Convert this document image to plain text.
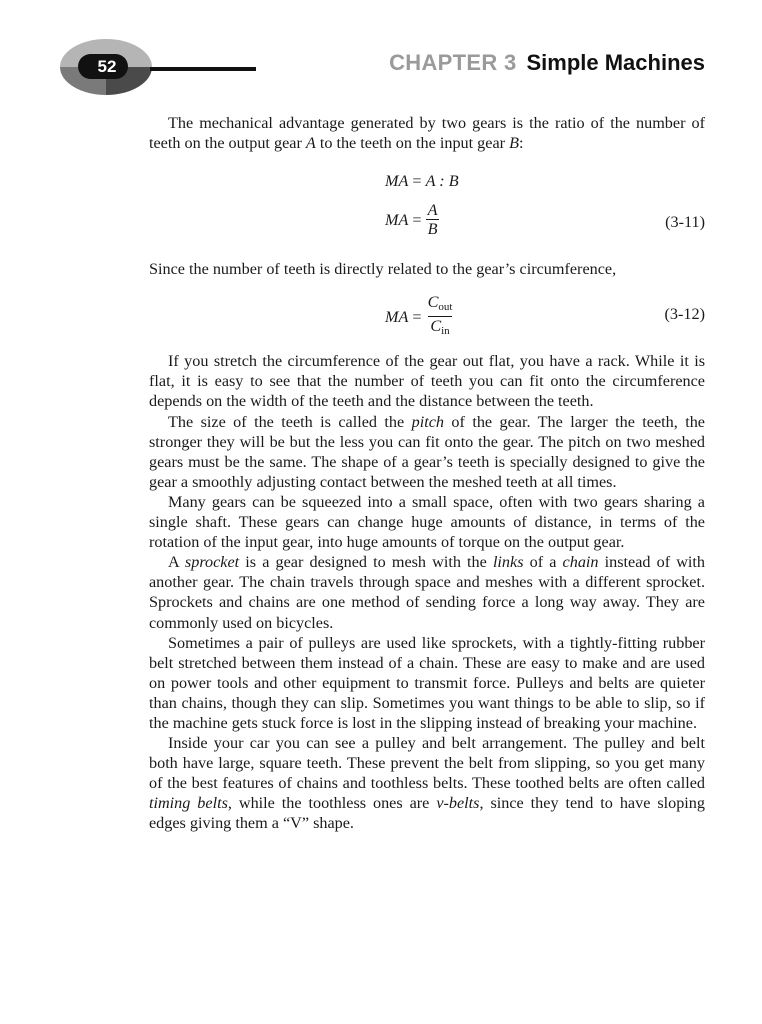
52	CHAPTER 3 Simple Machines

The mechanical advantage generated by two gears is the ratio of the number of teeth on the output gear A to the teeth on the input gear B:

MA
=
A : B
MA
= $\frac{A}{B}$	(3-11)

Since the number of teeth is directly related to the gear’s circumference,

MA
= $\frac{C_{out}}{C_{in}}$	(3-12)

If you stretch the circumference of the gear out flat, you have a rack. While it is flat, it is easy to see that the number of teeth you can fit onto the circumference depends on the width of the teeth and the distance between the teeth.

The size of the teeth is called the pitch of the gear. The larger the teeth, the stronger they will be but the less you can fit onto the gear. The pitch on two meshed gears must be the same. The shape of a gear’s teeth is specially designed to give the gear a smoothly adjusting contact between the meshed teeth at all times.

Many gears can be squeezed into a small space, often with two gears sharing a single shaft. These gears can change huge amounts of distance, in terms of the rotation of the input gear, into huge amounts of torque on the output gear.

A sprocket is a gear designed to mesh with the links of a chain instead of with another gear. The chain travels through space and meshes with a different sprocket. Sprockets and chains are one method of sending force a long way away. They are commonly used on bicycles.

Sometimes a pair of pulleys are used like sprockets, with a tightly-fitting rubber belt stretched between them instead of a chain. These are easy to make and are used on power tools and other equipment to transmit force. Pulleys and belts are quieter than chains, though they can slip. Sometimes you want things to be able to slip, so if the machine gets stuck force is lost in the slipping instead of breaking your machine.

Inside your car you can see a pulley and belt arrangement. The pulley and belt both have large, square teeth. These prevent the belt from slipping, so you get many of the best features of chains and toothless belts. These toothed belts are often called timing belts, while the toothless ones are v-belts, since they tend to have sloping edges giving them a “V” shape.
